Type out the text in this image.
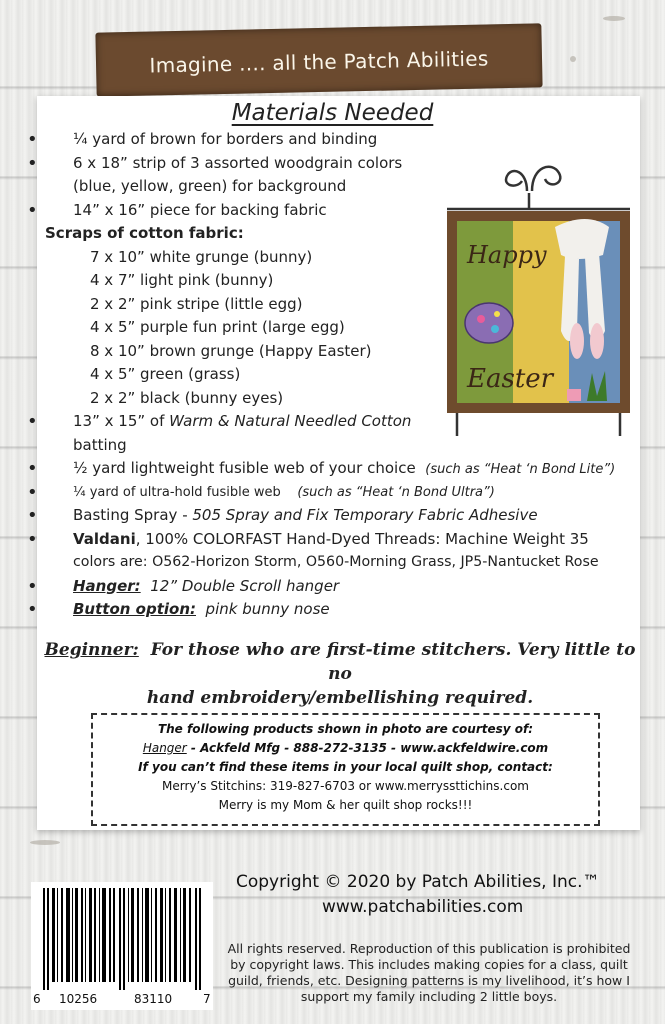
Imagine .... all the Patch Abilities
Materials Needed
Happy
Easter
• ¼ yard of brown for borders and binding
• 6 x 18” strip of 3 assorted woodgrain colors
(blue, yellow, green) for background
• 14” x 16” piece for backing fabric
Scraps of cotton fabric:
7 x 10” white grunge (bunny)
4 x 7” light pink (bunny)
2 x 2” pink stripe (little egg)
4 x 5” purple fun print (large egg)
8 x 10” brown grunge (Happy Easter)
4 x 5” green (grass)
2 x 2” black (bunny eyes)
• 13” x 15” of Warm & Natural Needled Cotton
batting
• ½ yard lightweight fusible web of your choice (such as “Heat ‘n Bond Lite”)
• ¼ yard of ultra-hold fusible web (such as “Heat ‘n Bond Ultra”)
• Basting Spray - 505 Spray and Fix Temporary Fabric Adhesive
• Valdani, 100% COLORFAST Hand-Dyed Threads: Machine Weight 35
colors are: O562-Horizon Storm, O560-Morning Grass, JP5-Nantucket Rose
• Hanger: 12” Double Scroll hanger
• Button option: pink bunny nose
Beginner: For those who are first-time stitchers. Very little to no
hand embroidery/embellishing required.
The following products shown in photo are courtesy of:
Hanger - Ackfeld Mfg - 888-272-3135 - www.ackfeldwire.com
If you can’t find these items in your local quilt shop, contact:
Merry’s Stitchins: 319-827-6703 or www.merryssttichins.com
Merry is my Mom & her quilt shop rocks!!!
6 10256	83110	7
Copyright © 2020 by Patch Abilities, Inc.™
www.patchabilities.com
All rights reserved. Reproduction of this publication is prohibited by copyright laws. This includes making copies for a class, quilt guild, friends, etc. Designing patterns is my livelihood, it’s how I support my family including 2 little boys.
